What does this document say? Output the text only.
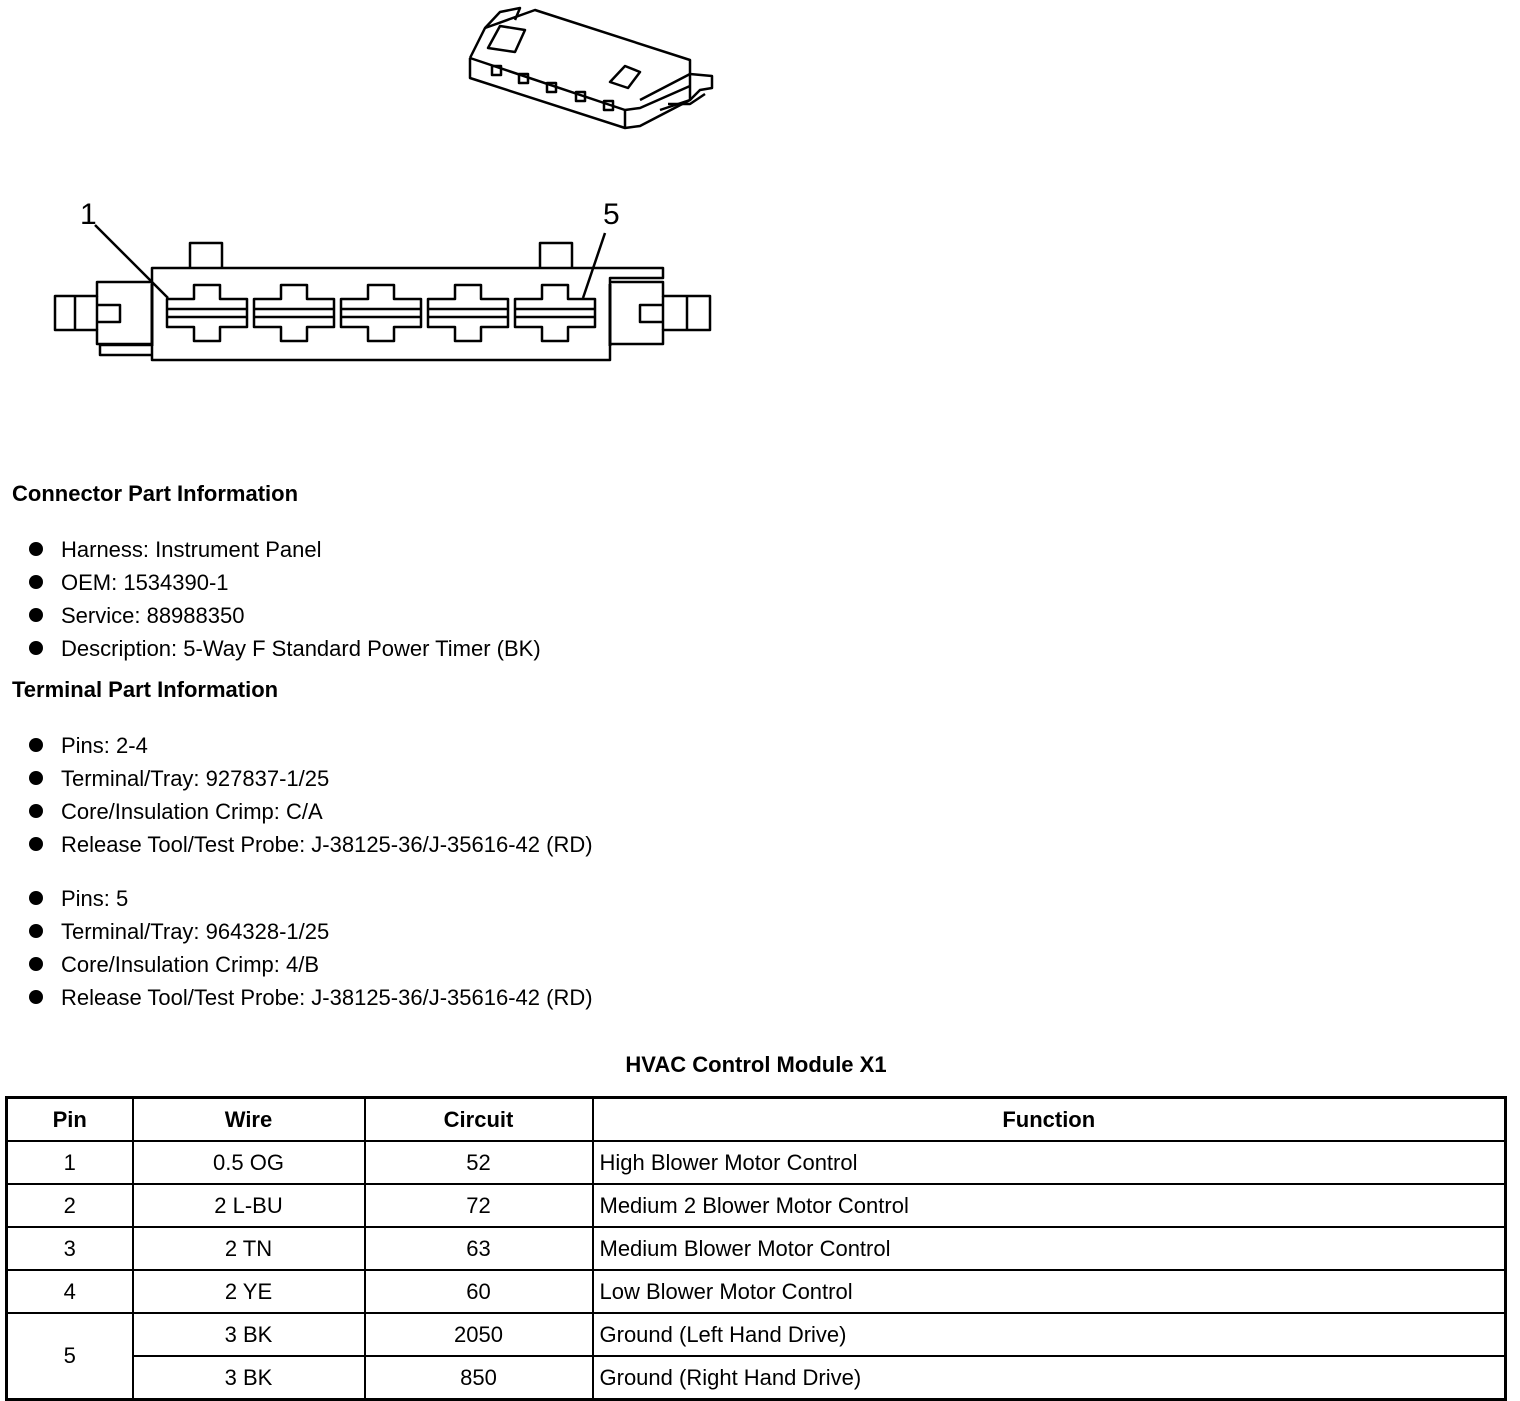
1	5
Connector Part Information
Harness: Instrument Panel
OEM: 1534390-1
Service: 88988350
Description: 5-Way F Standard Power Timer (BK)
Terminal Part Information
Pins: 2-4
Terminal/Tray: 927837-1/25
Core/Insulation Crimp: C/A
Release Tool/Test Probe: J-38125-36/J-35616-42 (RD)
Pins: 5
Terminal/Tray: 964328-1/25
Core/Insulation Crimp: 4/B
Release Tool/Test Probe: J-38125-36/J-35616-42 (RD)
HVAC Control Module X1
Pin	Wire	Circuit	Function
1	0.5 OG	52	High Blower Motor Control
2	2 L-BU	72	Medium 2 Blower Motor Control
3	2 TN	63	Medium Blower Motor Control
4	2 YE	60	Low Blower Motor Control
5	3 BK	2050	Ground (Left Hand Drive)
	3 BK	850	Ground (Right Hand Drive)
